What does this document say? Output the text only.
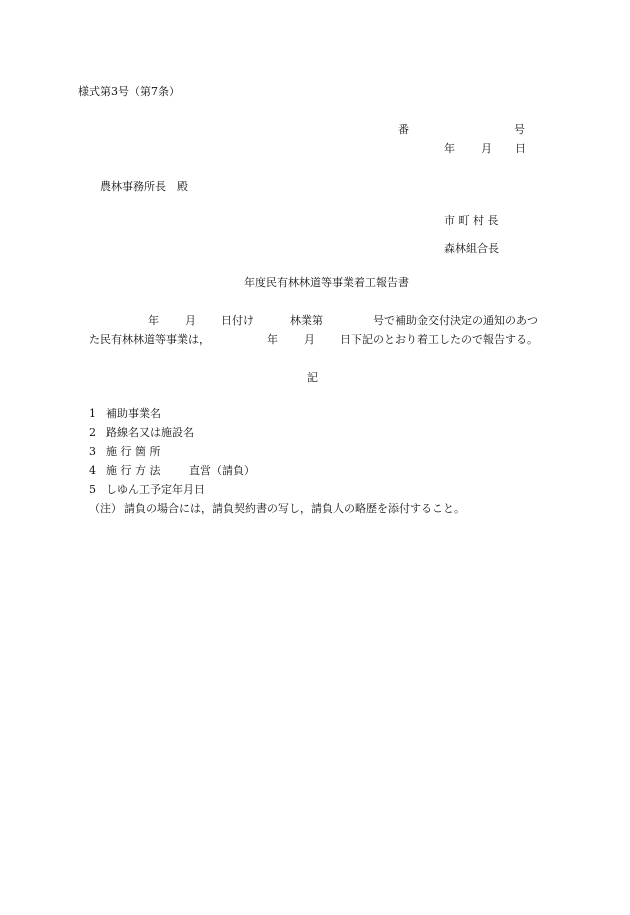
様式第3号（第7条）
番	号
年 月 日
農林事務所長　殿
市 町 村 長
森林組合長
年度民有林林道等事業着工報告書
年 月 日付け	林業第	号で補助金交付決定の通知のあつ
た民有林林道等事業は，	年 月 日下記のとおり着工したので報告する。
記
1 補助事業名
2 路線名又は施設名
3 施 行 箇 所
4 施 行 方 法	直営（請負）
5 しゆん工予定年月日
（注） 請負の場合には，請負契約書の写し，請負人の略歴を添付すること。
